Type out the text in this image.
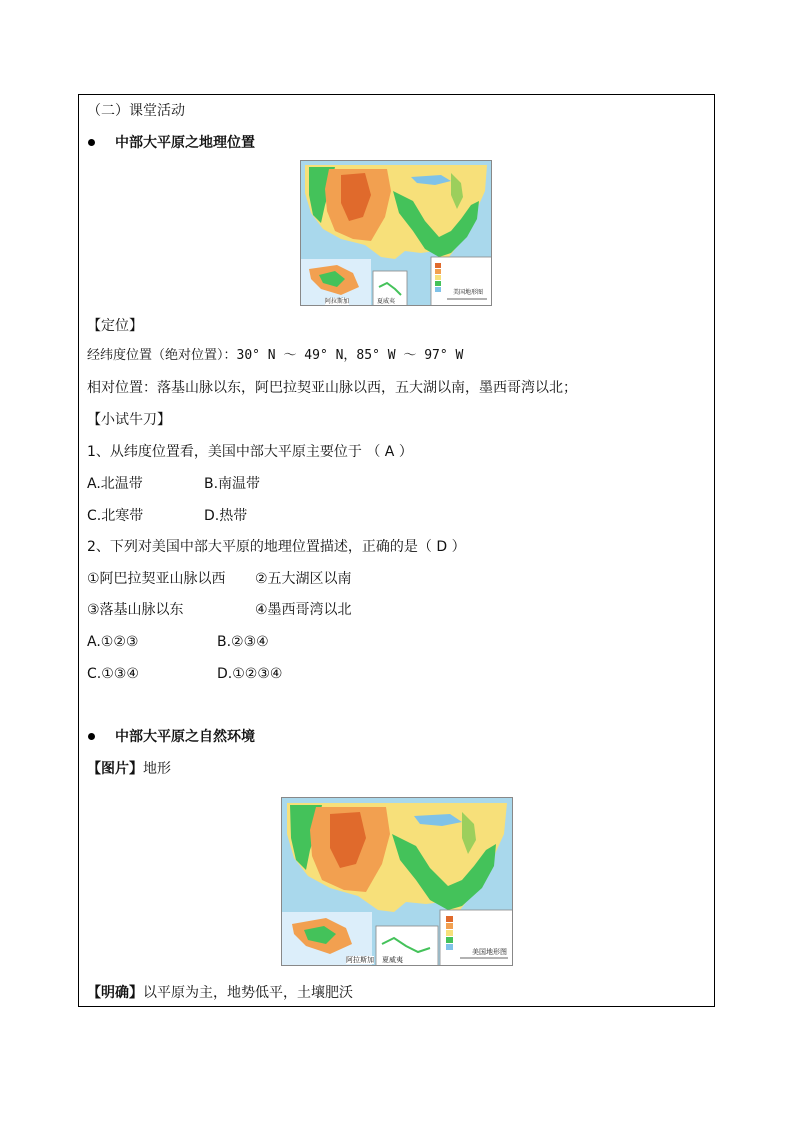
（二）课堂活动
中部大平原之地理位置
阿拉斯加	夏威夷
美国地形图
【定位】
经纬度位置（绝对位置）：30° N ～ 49° N，85° W ～ 97° W
相对位置：落基山脉以东，阿巴拉契亚山脉以西，五大湖以南，墨西哥湾以北；
【小试牛刀】
1、从纬度位置看，美国中部大平原主要位于 （ A ）
A.北温带	B.南温带
C.北寒带	D.热带
2、下列对美国中部大平原的地理位置描述，正确的是（ D ）
①阿巴拉契亚山脉以西 ②五大湖区以南
③落基山脉以东	④墨西哥湾以北
A.①②③	B.②③④
C.①③④	D.①②③④
中部大平原之自然环境
【图片】地形
阿拉斯加 夏威夷
美国地形图
【明确】以平原为主，地势低平，土壤肥沃
